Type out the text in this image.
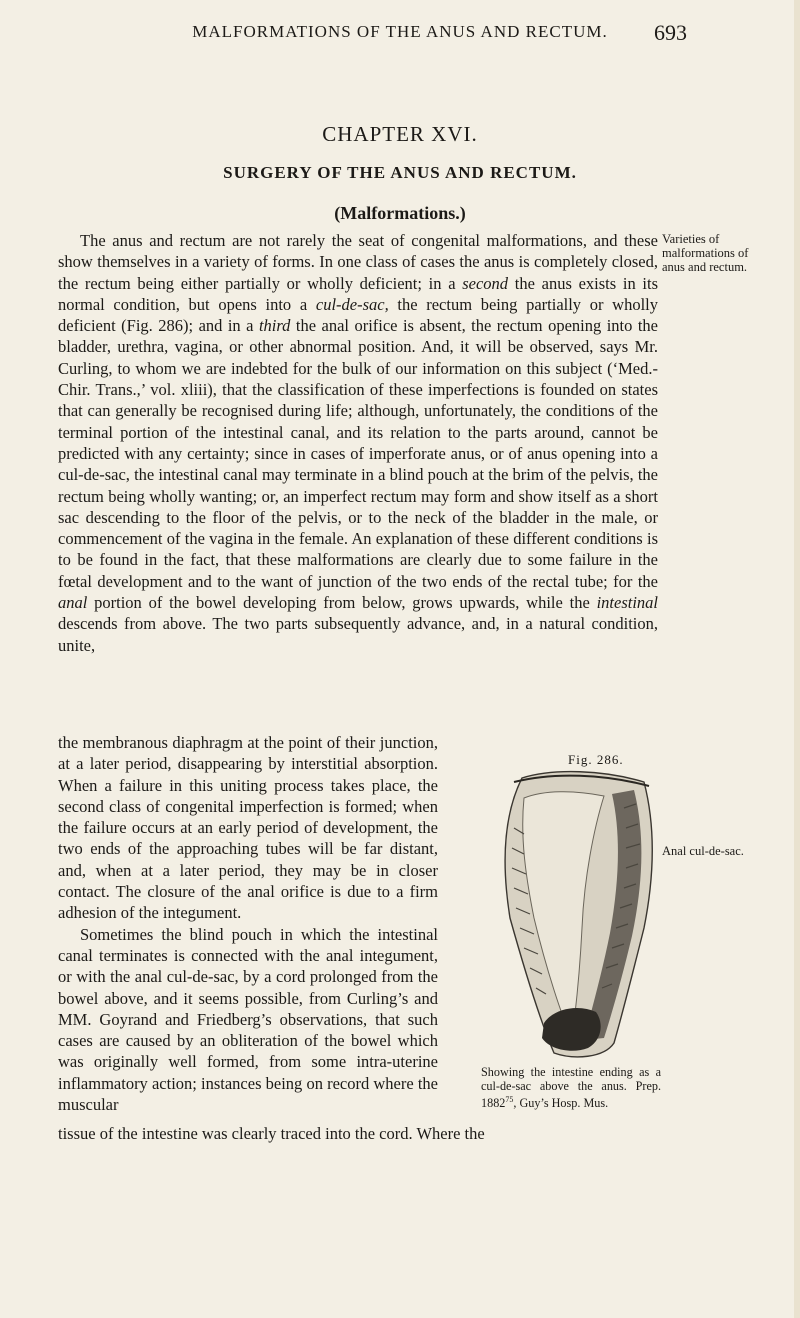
MALFORMATIONS OF THE ANUS AND RECTUM.	693
CHAPTER XVI.
SURGERY OF THE ANUS AND RECTUM.
(Malformations.)

The anus and rectum are not rarely the seat of congenital malformations, and these show themselves in a variety of forms. In one class of cases the anus is completely closed, the rectum being either partially or wholly deficient; in a second the anus exists in its normal condition, but opens into a cul-de-sac, the rectum being partially or wholly deficient (Fig. 286); and in a third the anal orifice is absent, the rectum opening into the bladder, urethra, vagina, or other abnormal position. And, it will be observed, says Mr. Curling, to whom we are indebted for the bulk of our information on this subject (‘Med.-Chir. Trans.,’ vol. xliii), that the classification of these imperfections is founded on states that can generally be recognised during life; although, unfortunately, the conditions of the terminal portion of the intestinal canal, and its relation to the parts around, cannot be predicted with any certainty; since in cases of imperforate anus, or of anus opening into a cul-de-sac, the intestinal canal may terminate in a blind pouch at the brim of the pelvis, the rectum being wholly wanting; or, an imperfect rectum may form and show itself as a short sac descending to the floor of the pelvis, or to the neck of the bladder in the male, or commencement of the vagina in the female. An explanation of these different conditions is to be found in the fact, that these malformations are clearly due to some failure in the fœtal development and to the want of junction of the two ends of the rectal tube; for the anal portion of the bowel developing from below, grows upwards, while the intestinal descends from above. The two parts subsequently advance, and, in a natural condition, unite,

the membranous diaphragm at the point of their junction, at a later period, disappearing by interstitial absorption. When a failure in this uniting process takes place, the second class of congenital imperfection is formed; when the failure occurs at an early period of development, the two ends of the approaching tubes will be far distant, and, when at a later period, they may be in closer contact. The closure of the anal orifice is due to a firm adhesion of the integument.

Sometimes the blind pouch in which the intestinal canal terminates is connected with the anal integument, or with the anal cul-de-sac, by a cord prolonged from the bowel above, and it seems possible, from Curling’s and MM. Goyrand and Friedberg’s observations, that such cases are caused by an obliteration of the bowel which was originally well formed, from some intra-uterine inflammatory action; instances being on record where the muscular

tissue of the intestine was clearly traced into the cord. Where the
Varieties of malformations of anus and rectum.
Anal cul-de-sac.
Fig. 286.
Showing the intestine ending as a cul-de-sac above the anus. Prep. 1882$^{75}$, Guy’s Hosp. Mus.
